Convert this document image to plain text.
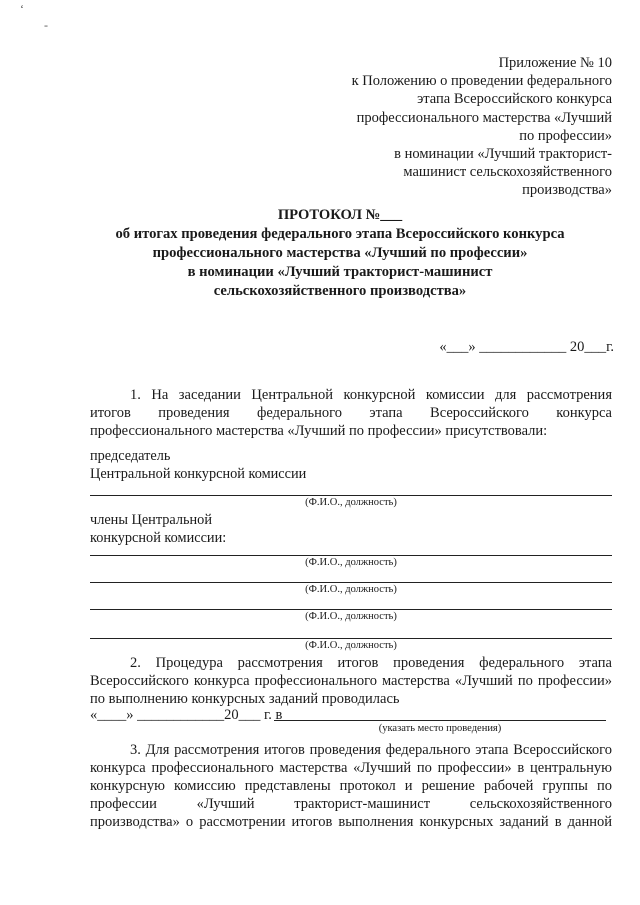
‘
-
Приложение № 10
к Положению о проведении федерального
этапа Всероссийского конкурса
профессионального мастерства «Лучший
по профессии»
в номинации «Лучший тракторист-
машинист сельскохозяйственного
производства»
ПРОТОКОЛ №___
об итогах проведения федерального этапа Всероссийского конкурса
профессионального мастерства «Лучший по профессии»
в номинации «Лучший тракторист-машинист
сельскохозяйственного производства»
«___» ____________ 20___г.
1. На заседании Центральной конкурсной комиссии для рассмотрения
итогов проведения федерального этапа Всероссийского конкурса
профессионального мастерства «Лучший по профессии» присутствовали:
председатель
Центральной конкурсной комиссии
(Ф.И.О., должность)
члены Центральной
конкурсной комиссии:
(Ф.И.О., должность)
(Ф.И.О., должность)
(Ф.И.О., должность)
(Ф.И.О., должность)
2. Процедура рассмотрения итогов проведения федерального этапа
Всероссийского конкурса профессионального мастерства «Лучший по профессии»
по выполнению конкурсных заданий проводилась
«____» ____________20___ г. в
(указать место проведения)
3. Для рассмотрения итогов проведения федерального этапа Всероссийского
конкурса профессионального мастерства «Лучший по профессии» в центральную
конкурсную комиссию представлены протокол и решение рабочей группы по
профессии «Лучший тракторист-машинист сельскохозяйственного
производства» о рассмотрении итогов выполнения конкурсных заданий в данной
